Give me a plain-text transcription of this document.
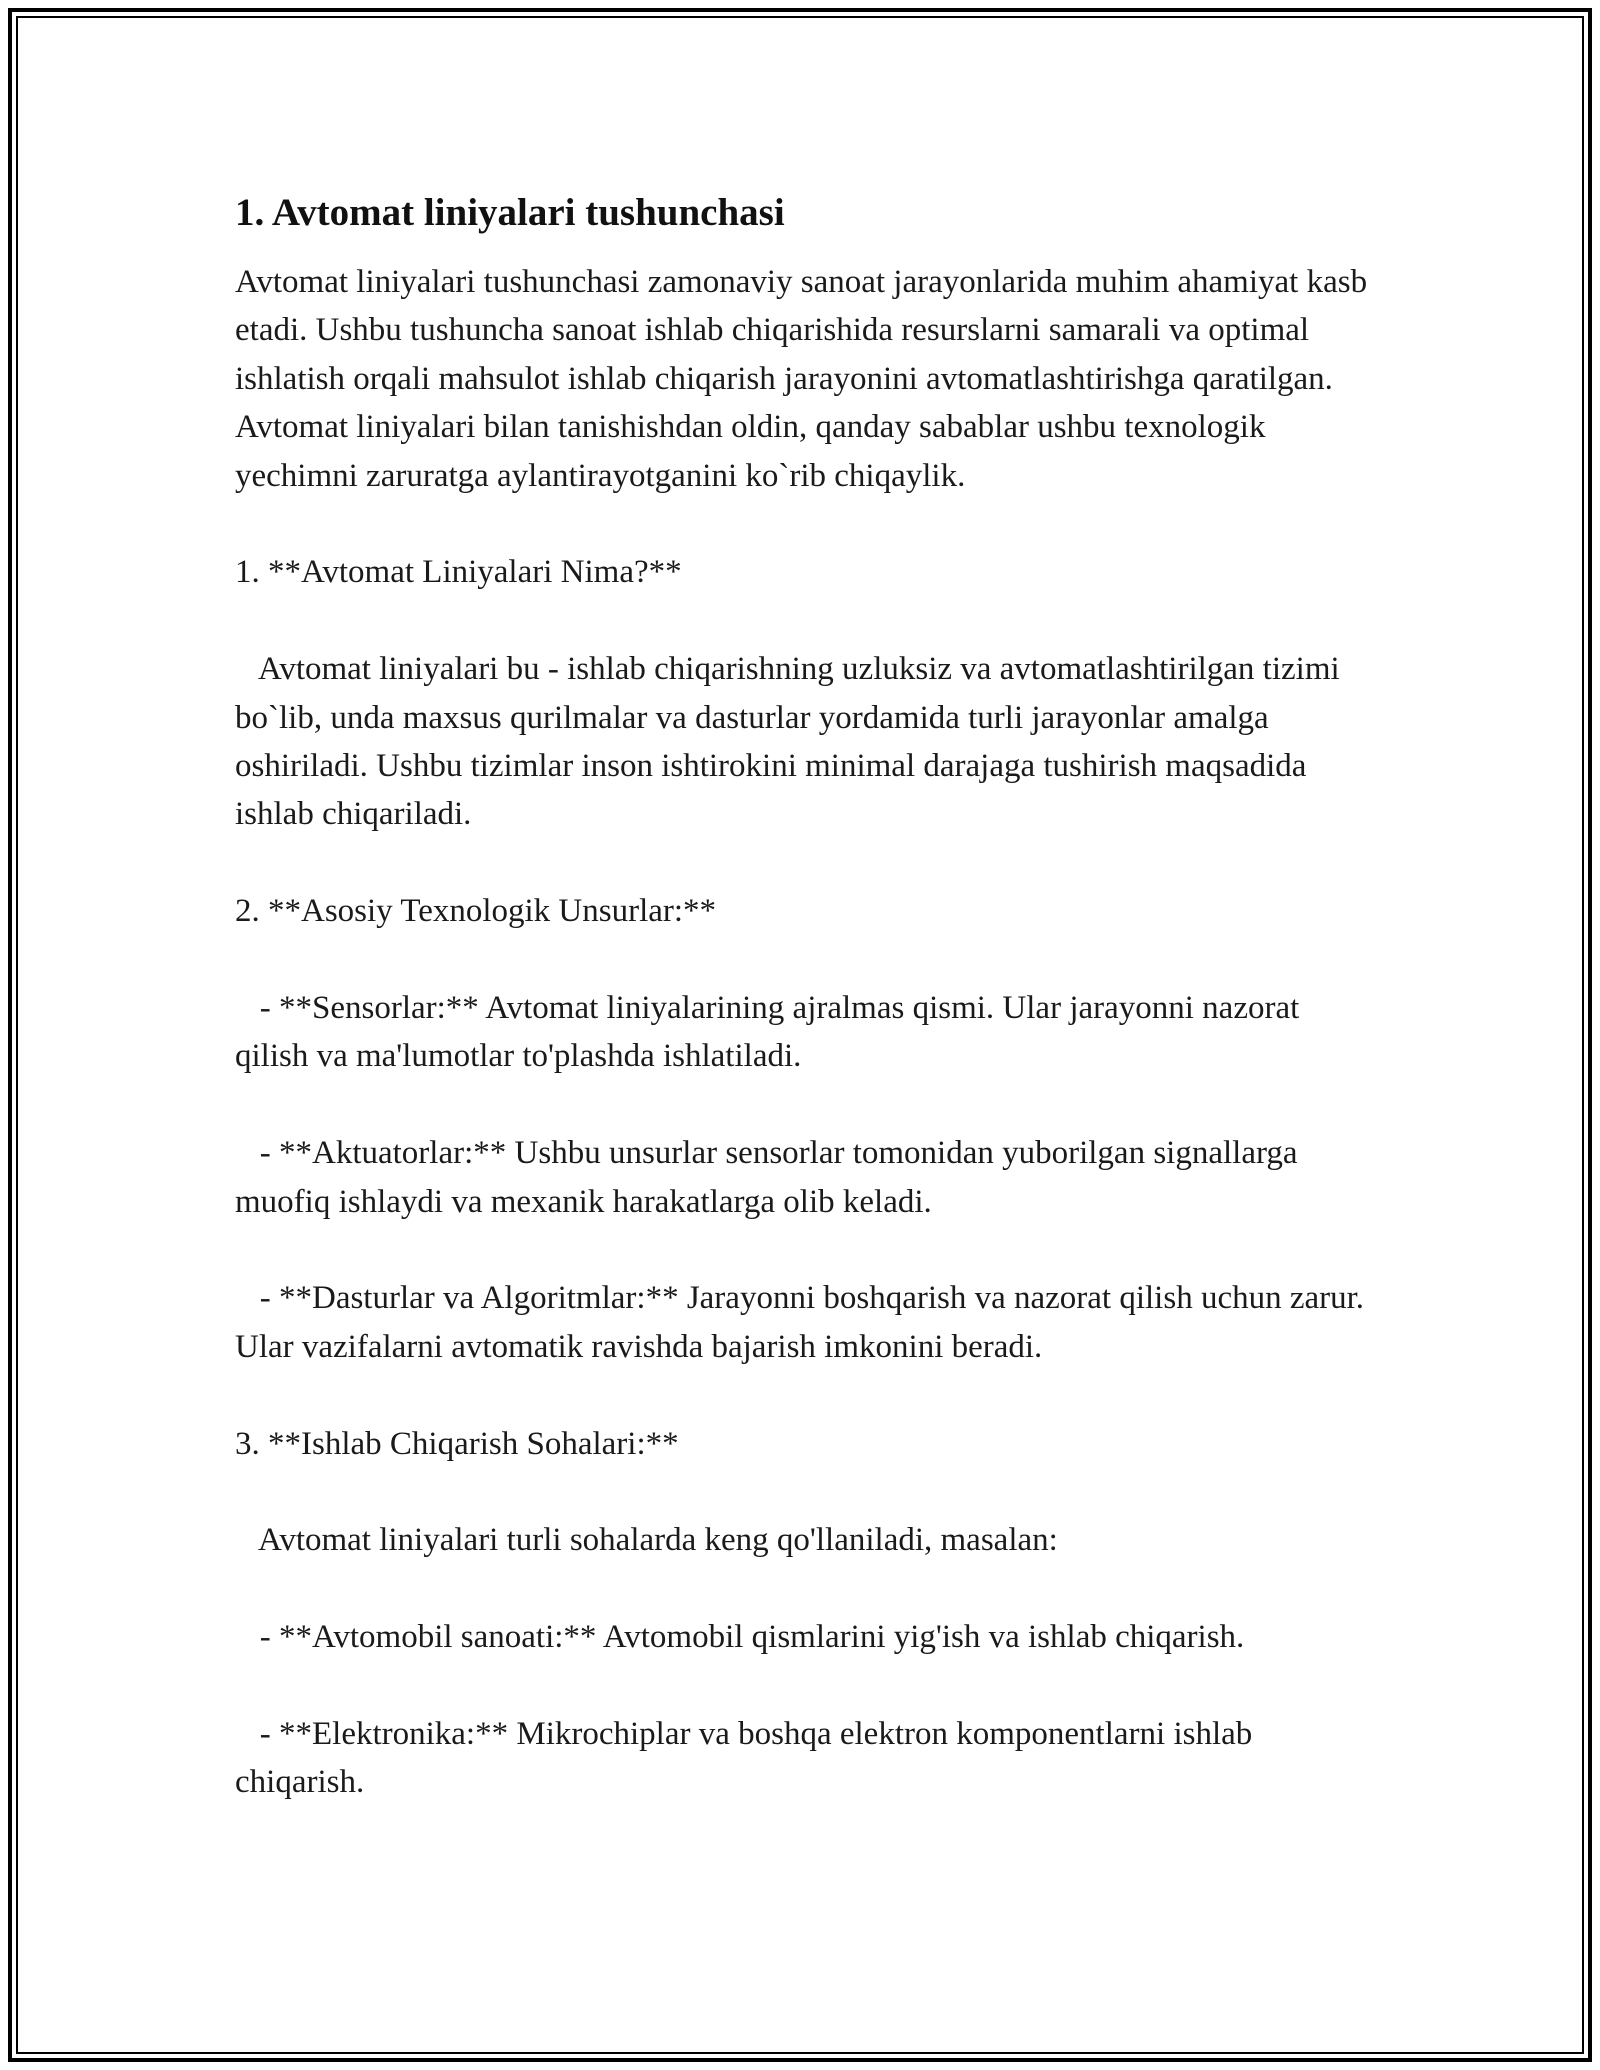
1. Avtomat liniyalari tushunchasi

Avtomat liniyalari tushunchasi zamonaviy sanoat jarayonlarida muhim ahamiyat kasb etadi. Ushbu tushuncha sanoat ishlab chiqarishida resurslarni samarali va optimal ishlatish orqali mahsulot ishlab chiqarish jarayonini avtomatlashtirishga qaratilgan. Avtomat liniyalari bilan tanishishdan oldin, qanday sabablar ushbu texnologik yechimni zaruratga aylantirayotganini ko`rib chiqaylik.

1. **Avtomat Liniyalari Nima?**

Avtomat liniyalari bu - ishlab chiqarishning uzluksiz va avtomatlashtirilgan tizimi bo`lib, unda maxsus qurilmalar va dasturlar yordamida turli jarayonlar amalga oshiriladi. Ushbu tizimlar inson ishtirokini minimal darajaga tushirish maqsadida ishlab chiqariladi.

2. **Asosiy Texnologik Unsurlar:**

- **Sensorlar:** Avtomat liniyalarining ajralmas qismi. Ular jarayonni nazorat qilish va ma'lumotlar to'plashda ishlatiladi.

- **Aktuatorlar:** Ushbu unsurlar sensorlar tomonidan yuborilgan signallarga muofiq ishlaydi va mexanik harakatlarga olib keladi.

- **Dasturlar va Algoritmlar:** Jarayonni boshqarish va nazorat qilish uchun zarur. Ular vazifalarni avtomatik ravishda bajarish imkonini beradi.

3. **Ishlab Chiqarish Sohalari:**

Avtomat liniyalari turli sohalarda keng qo'llaniladi, masalan:

- **Avtomobil sanoati:** Avtomobil qismlarini yig'ish va ishlab chiqarish.

- **Elektronika:** Mikrochiplar va boshqa elektron komponentlarni ishlab chiqarish.
